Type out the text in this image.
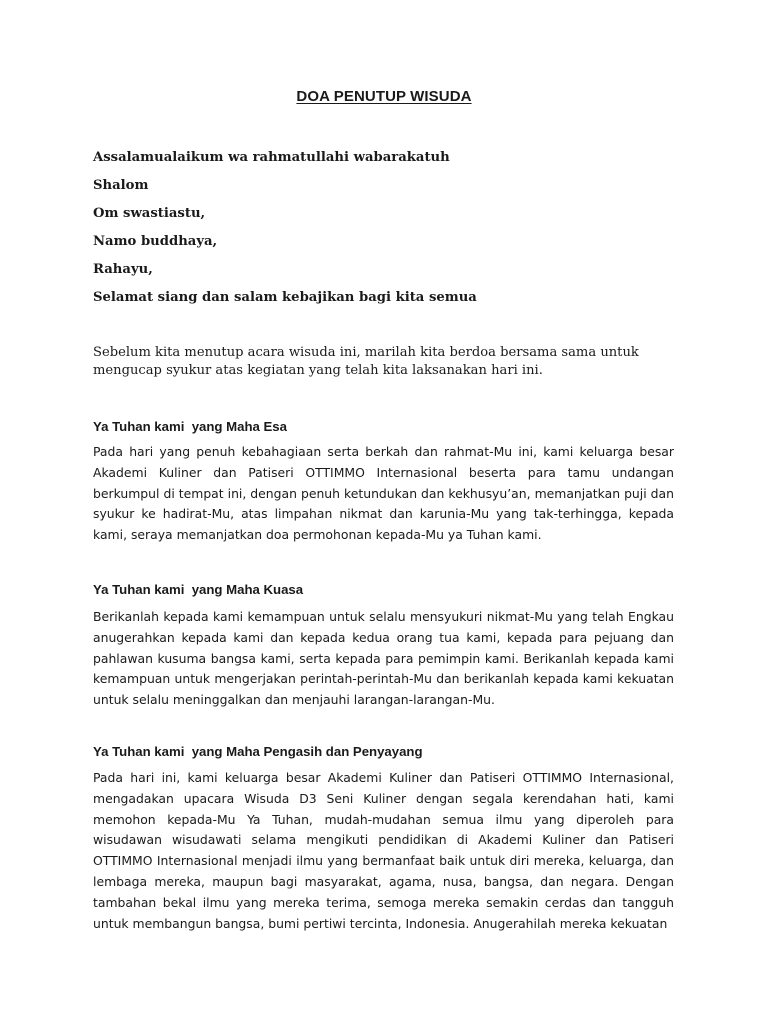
DOA PENUTUP WISUDA
Assalamualaikum wa rahmatullahi wabarakatuh
Shalom
Om swastiastu,
Namo buddhaya,
Rahayu,
Selamat siang dan salam kebajikan bagi kita semua

Sebelum kita menutup acara wisuda ini, marilah kita berdoa bersama sama untuk mengucap syukur atas kegiatan yang telah kita laksanakan hari ini.

Ya Tuhan kami  yang Maha Esa

Pada hari yang penuh kebahagiaan serta berkah dan rahmat-Mu ini, kami keluarga besar Akademi Kuliner dan Patiseri OTTIMMO Internasional beserta para tamu undangan berkumpul di tempat ini, dengan penuh ketundukan dan kekhusyu’an, memanjatkan puji dan syukur ke hadirat-Mu, atas limpahan nikmat dan karunia-Mu yang tak-terhingga, kepada kami, seraya memanjatkan doa permohonan kepada-Mu ya Tuhan kami.

Ya Tuhan kami  yang Maha Kuasa

Berikanlah kepada kami kemampuan untuk selalu mensyukuri nikmat-Mu yang telah Engkau anugerahkan kepada kami dan kepada kedua orang tua kami, kepada para pejuang dan pahlawan kusuma bangsa kami, serta kepada para pemimpin kami. Berikanlah kepada kami kemampuan untuk mengerjakan perintah-perintah-Mu dan berikanlah kepada kami kekuatan untuk selalu meninggalkan dan menjauhi larangan-larangan-Mu.

Ya Tuhan kami  yang Maha Pengasih dan Penyayang

Pada hari ini, kami keluarga besar Akademi Kuliner dan Patiseri OTTIMMO Internasional, mengadakan upacara Wisuda D3 Seni Kuliner dengan segala kerendahan hati, kami memohon kepada-Mu Ya Tuhan, mudah-mudahan semua ilmu yang diperoleh para wisudawan wisudawati selama mengikuti pendidikan di Akademi Kuliner dan Patiseri OTTIMMO Internasional menjadi ilmu yang bermanfaat baik untuk diri mereka, keluarga, dan lembaga mereka, maupun bagi masyarakat, agama, nusa, bangsa, dan negara. Dengan tambahan bekal ilmu yang mereka terima, semoga mereka semakin cerdas dan tangguh untuk membangun bangsa, bumi pertiwi tercinta, Indonesia. Anugerahilah mereka kekuatan
